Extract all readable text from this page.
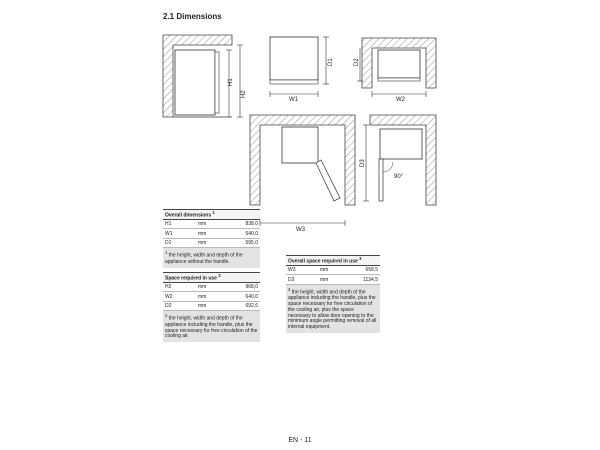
2.1 Dimensions
H1
H2
W1
D1
W2
D2
W3
D3
90°
Overall dimensions $^1$
H1	mm	838,0
W1	mm	540,0
D1	mm	595,0
$^1$ the height, width and depth of the appliance without the handle.		
Space required in use $^2$
H2	mm	968,0
W2	mm	640,0
D2	mm	692,6
$^2$ the height, width and depth of the appliance including the handle, plus the space necessary for free circulation of the cooling air.		
Overall space required in use $^3$
W3	mm	658,5
D3	mm	1134,5
$^3$ the height, width and depth of the appliance including the handle, plus the space necessary for free circulation of the cooling air, plus the space necessary to allow door opening to the minimum angle permitting removal of all internal equipment.		
EN - 11
